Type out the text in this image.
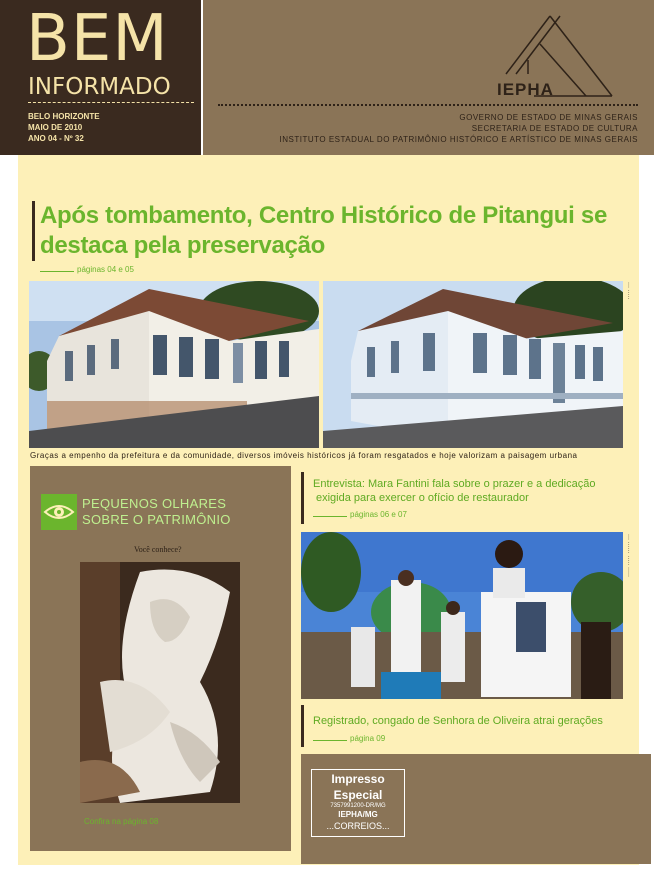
BEM
INFORMADO
BELO HORIZONTE
MAIO DE 2010
ANO 04 - Nº 32
IEPHA
GOVERNO DE ESTADO DE MINAS GERAIS
SECRETARIA DE ESTADO DE CULTURA
INSTITUTO ESTADUAL DO PATRIMÔNIO HISTÓRICO E ARTÍSTICO DE MINAS GERAIS
Após tombamento, Centro Histórico de Pitangui se destaca pela preservação
páginas 04 e 05
··· ·····
Graças a empenho da prefeitura e da comunidade, diversos imóveis históricos já foram resgatados e hoje valorizam a paisagem urbana
PEQUENOS OLHARES
SOBRE O PATRIMÔNIO
Você conhece?
Confira na página 08
Entrevista: Mara Fantini fala sobre o prazer e a dedicação
exigida para exercer o ofício de restaurador
páginas 06 e 07
··· ······ ····· ·····
Registrado, congado de Senhora de Oliveira atrai gerações
página 09
Impresso
Especial
7357991200-DR/MG
IEPHA/MG
...CORREIOS...
